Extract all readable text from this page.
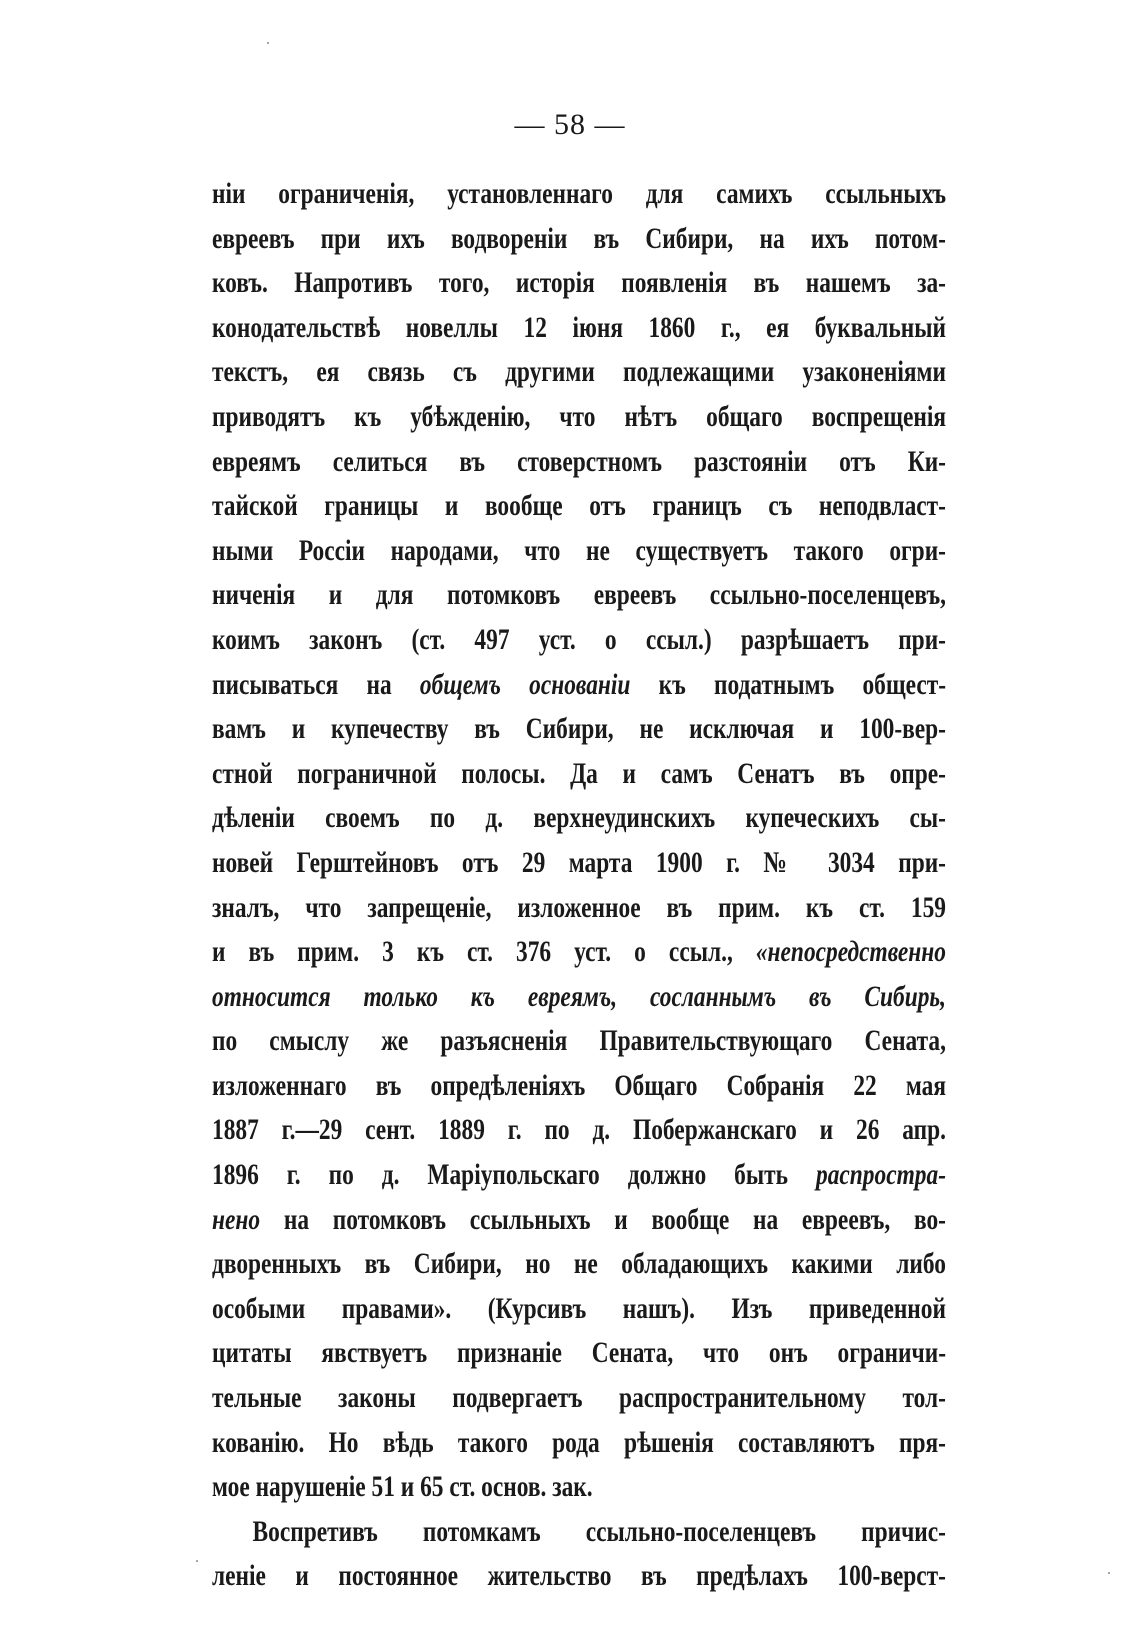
— 58 —
нiи ограниченiя, установленнаго для самихъ ссыльныхъ
евреевъ при ихъ водворенiи въ Сибири, на ихъ потом-
ковъ. Напротивъ того, исторiя появленiя въ нашемъ за-
конодательствѣ новеллы 12 iюня 1860 г., ея буквальный
текстъ, ея связь съ другими подлежащими узаконенiями
приводятъ къ убѣжденiю, что нѣтъ общаго воспрещенiя
евреямъ селиться въ стоверстномъ разстоянiи отъ Ки-
тайской границы и вообще отъ границъ съ неподвласт-
ными Россiи народами, что не существуетъ такого огри-
ниченiя и для потомковъ евреевъ ссыльно-поселенцевъ,
коимъ законъ (ст. 497 уст. о ссыл.) разрѣшаетъ при-
писываться на общемъ основанiи къ податнымъ общест-
вамъ и купечеству въ Сибири, не исключая и 100-вер-
стной пограничной полосы. Да и самъ Сенатъ въ опре-
дѣленiи своемъ по д. верхнеудинскихъ купеческихъ сы-
новей Герштейновъ отъ 29 марта 1900 г. № 3034 при-
зналъ, что запрещенiе, изложенное въ прим. къ ст. 159
и въ прим. 3 къ ст. 376 уст. о ссыл., «непосредственно
относится только къ евреямъ, сосланнымъ въ Сибирь,
по смыслу же разъясненiя Правительствующаго Сената,
изложеннаго въ опредѣленiяхъ Общаго Собранiя 22 мая
1887 г.—29 сент. 1889 г. по д. Побержанскаго и 26 апр.
1896 г. по д. Марiупольскаго должно быть распростра-
нено на потомковъ ссыльныхъ и вообще на евреевъ, во-
дворенныхъ въ Сибири, но не обладающихъ какими либо
особыми правами». (Курсивъ нашъ). Изъ приведенной
цитаты явствуетъ признанiе Сената, что онъ ограничи-
тельные законы подвергаетъ распространительному тол-
кованiю. Но вѣдь такого рода рѣшенiя составляютъ пря-
мое нарушенiе 51 и 65 ст. основ. зак.
Воспретивъ потомкамъ ссыльно-поселенцевъ причис-
ленiе и постоянное жительство въ предѣлахъ 100-верст-
